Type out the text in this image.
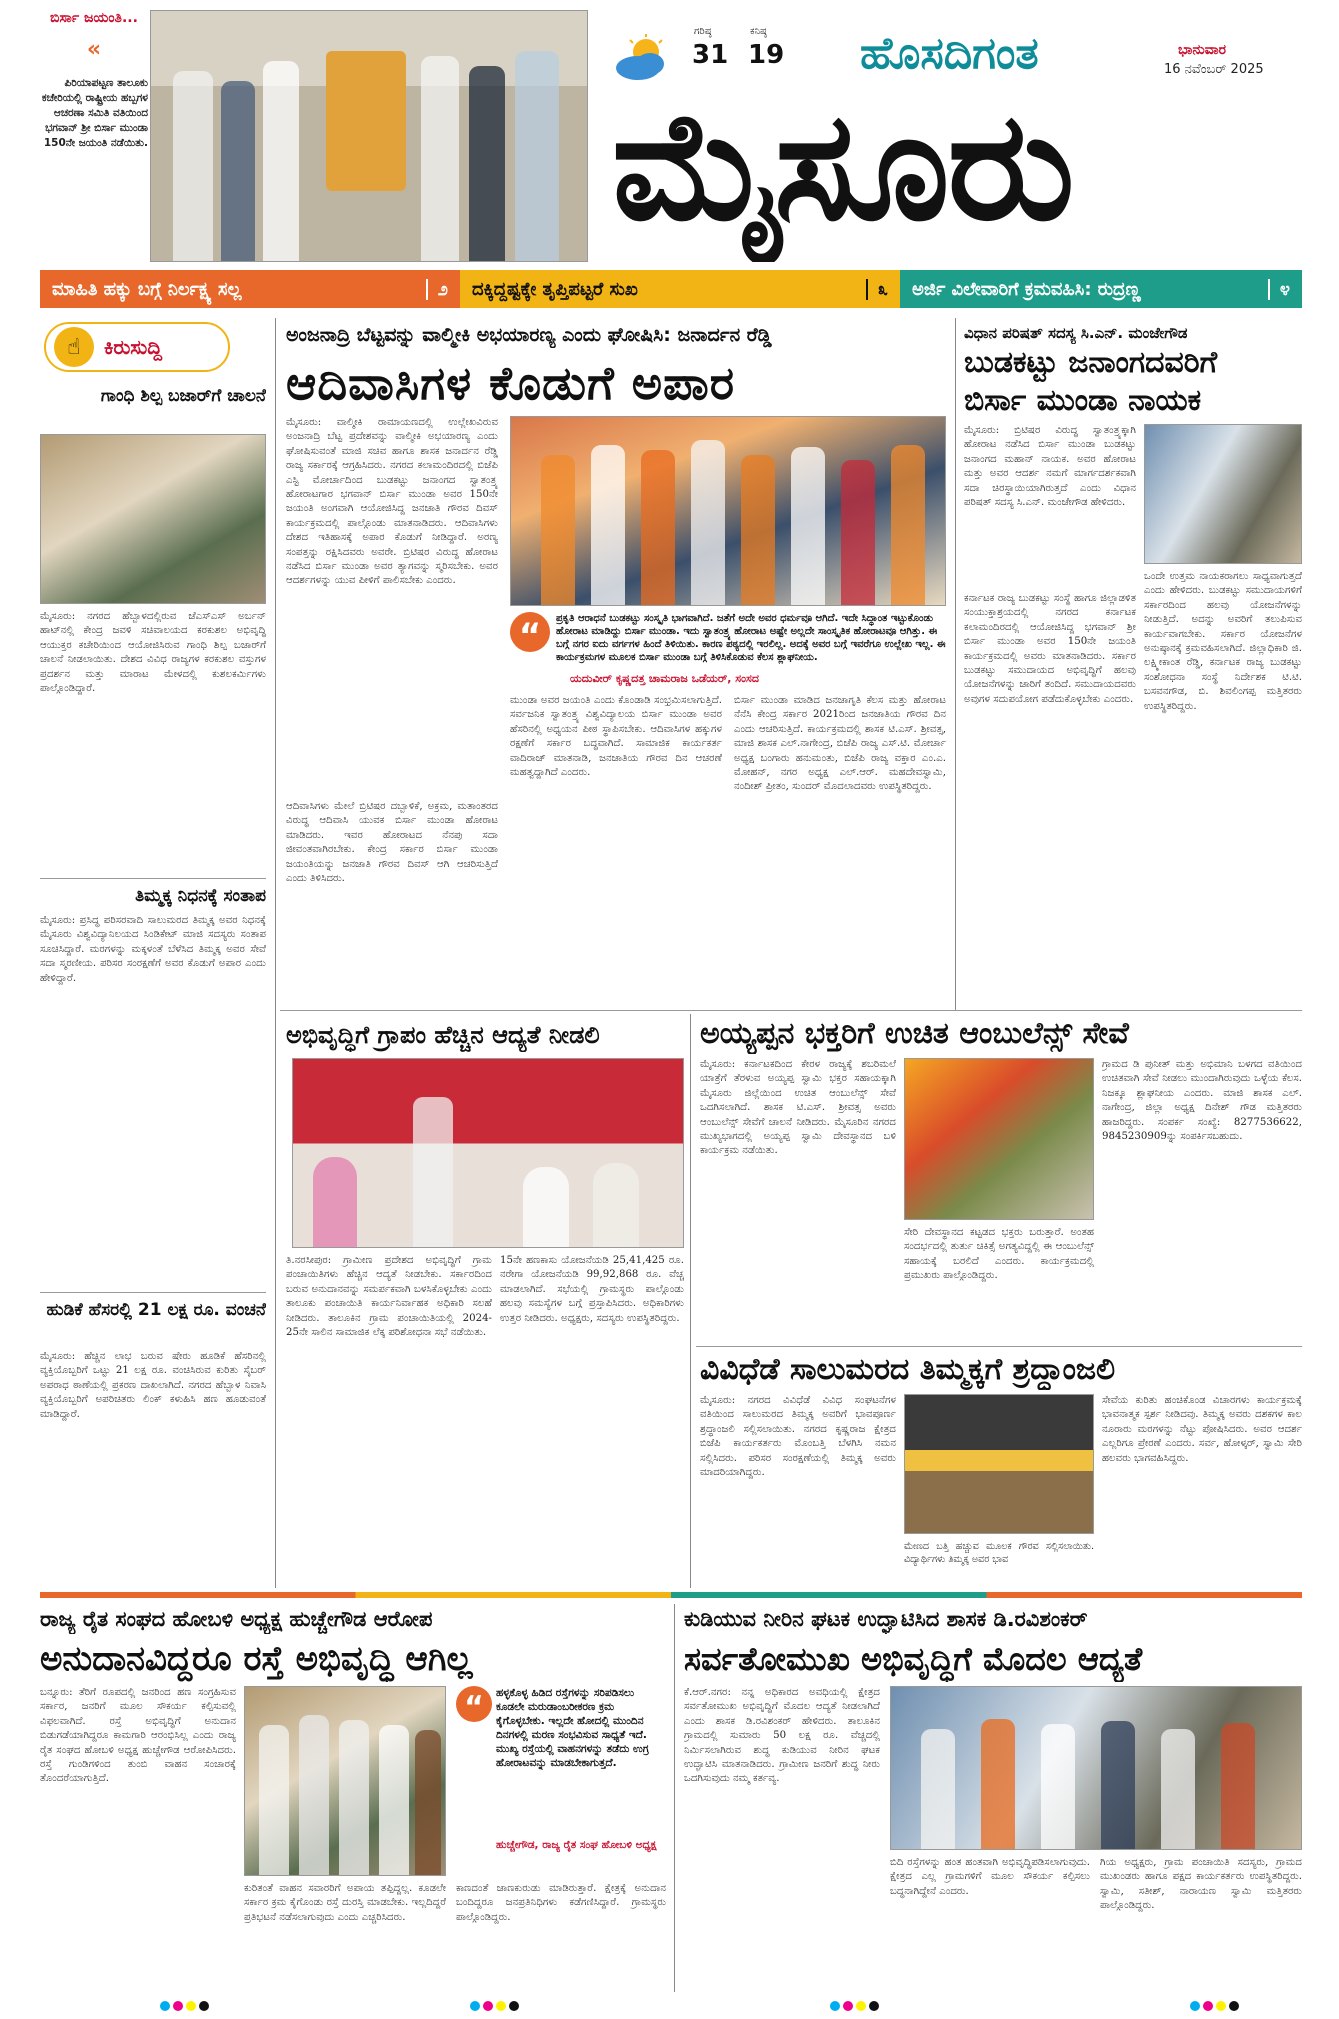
ಬಿರ್ಸಾ ಜಯಂತಿ...
«
ಪಿರಿಯಾಪಟ್ಟಣ ತಾಲೂಕು ಕಚೇರಿಯಲ್ಲಿ ರಾಷ್ಟ್ರೀಯ ಹಬ್ಬಗಳ ಆಚರಣಾ ಸಮಿತಿ ವತಿಯಿಂದ ಭಗವಾನ್ ಶ್ರೀ ಬಿರ್ಸಾ ಮುಂಡಾ 150ನೇ ಜಯಂತಿ ನಡೆಯಿತು.
ಗರಿಷ್ಠ
31
ಕನಿಷ್ಠ
19 ಹೊಸದಿಗಂತ	ಭಾನುವಾರ
16 ನವೆಂಬರ್ 2025
ಮೈಸೂರು
ಮಾಹಿತಿ ಹಕ್ಕು ಬಗ್ಗೆ ನಿರ್ಲಕ್ಷ್ಯ ಸಲ್ಲ	೨ ದಕ್ಕಿದ್ದಷ್ಟಕ್ಕೇ ತೃಪ್ತಿಪಟ್ಟರೆ ಸುಖ	೩ ಅರ್ಜಿ ವಿಲೇವಾರಿಗೆ ಕ್ರಮವಹಿಸಿ: ರುದ್ರಣ್ಣ	೪
☝	ಕಿರುಸುದ್ದಿ
ಗಾಂಧಿ ಶಿಲ್ಪ ಬಜಾರ್‌ಗೆ ಚಾಲನೆ
ಮೈಸೂರು: ನಗರದ ಹೆಬ್ಬಾಳದಲ್ಲಿರುವ ಜೆಎಸ್‌ಎಸ್ ಅರ್ಬನ್ ಹಾಟ್‌ನಲ್ಲಿ ಕೇಂದ್ರ ಜವಳಿ ಸಚಿವಾಲಯದ ಕರಕುಶಲ ಅಭಿವೃದ್ಧಿ ಆಯುಕ್ತರ ಕಚೇರಿಯಿಂದ ಆಯೋಜಿಸಿರುವ ಗಾಂಧಿ ಶಿಲ್ಪ ಬಜಾರ್‌ಗೆ ಚಾಲನೆ ನೀಡಲಾಯಿತು. ದೇಶದ ವಿವಿಧ ರಾಜ್ಯಗಳ ಕರಕುಶಲ ವಸ್ತುಗಳ ಪ್ರದರ್ಶನ ಮತ್ತು ಮಾರಾಟ ಮೇಳದಲ್ಲಿ ಕುಶಲಕರ್ಮಿಗಳು ಪಾಲ್ಗೊಂಡಿದ್ದಾರೆ.
ತಿಮ್ಮಕ್ಕ ನಿಧನಕ್ಕೆ ಸಂತಾಪ
ಮೈಸೂರು: ಪ್ರಸಿದ್ಧ ಪರಿಸರವಾದಿ ಸಾಲುಮರದ ತಿಮ್ಮಕ್ಕ ಅವರ ನಿಧನಕ್ಕೆ ಮೈಸೂರು ವಿಶ್ವವಿದ್ಯಾನಿಲಯದ ಸಿಂಡಿಕೇಟ್ ಮಾಜಿ ಸದಸ್ಯರು ಸಂತಾಪ ಸೂಚಿಸಿದ್ದಾರೆ. ಮರಗಳನ್ನು ಮಕ್ಕಳಂತೆ ಬೆಳೆಸಿದ ತಿಮ್ಮಕ್ಕ ಅವರ ಸೇವೆ ಸದಾ ಸ್ಮರಣೀಯ. ಪರಿಸರ ಸಂರಕ್ಷಣೆಗೆ ಅವರ ಕೊಡುಗೆ ಅಪಾರ ಎಂದು ಹೇಳಿದ್ದಾರೆ.
ಹುಡಿಕೆ ಹೆಸರಲ್ಲಿ 21 ಲಕ್ಷ ರೂ. ವಂಚನೆ
ಮೈಸೂರು: ಹೆಚ್ಚಿನ ಲಾಭ ಬರುವ ಷೇರು ಹೂಡಿಕೆ ಹೆಸರಿನಲ್ಲಿ ವ್ಯಕ್ತಿಯೊಬ್ಬರಿಗೆ ಒಟ್ಟು 21 ಲಕ್ಷ ರೂ. ವಂಚಿಸಿರುವ ಕುರಿತು ಸೈಬರ್ ಅಪರಾಧ ಠಾಣೆಯಲ್ಲಿ ಪ್ರಕರಣ ದಾಖಲಾಗಿದೆ. ನಗರದ ಹೆಬ್ಬಾಳ ನಿವಾಸಿ ವ್ಯಕ್ತಿಯೊಬ್ಬರಿಗೆ ಅಪರಿಚಿತರು ಲಿಂಕ್ ಕಳುಹಿಸಿ ಹಣ ಹೂಡುವಂತೆ ಮಾಡಿದ್ದಾರೆ.
ಅಂಜನಾದ್ರಿ ಬೆಟ್ಟವನ್ನು ವಾಲ್ಮೀಕಿ ಅಭಯಾರಣ್ಯ ಎಂದು ಘೋಷಿಸಿ: ಜನಾರ್ದನ ರೆಡ್ಡಿ
ಆದಿವಾಸಿಗಳ ಕೊಡುಗೆ ಅಪಾರ
ಮೈಸೂರು: ವಾಲ್ಮೀಕಿ ರಾಮಾಯಣದಲ್ಲಿ ಉಲ್ಲೇಖವಿರುವ ಅಂಜನಾದ್ರಿ ಬೆಟ್ಟ ಪ್ರದೇಶವನ್ನು ವಾಲ್ಮೀಕಿ ಅಭಯಾರಣ್ಯ ಎಂದು ಘೋಷಿಸುವಂತೆ ಮಾಜಿ ಸಚಿವ ಹಾಗೂ ಶಾಸಕ ಜನಾರ್ದನ ರೆಡ್ಡಿ ರಾಜ್ಯ ಸರ್ಕಾರಕ್ಕೆ ಆಗ್ರಹಿಸಿದರು. ನಗರದ ಕಲಾಮಂದಿರದಲ್ಲಿ ಬಿಜೆಪಿ ಎಸ್ಟಿ ಮೋರ್ಚಾದಿಂದ ಬುಡಕಟ್ಟು ಜನಾಂಗದ ಸ್ವಾತಂತ್ರ್ಯ ಹೋರಾಟಗಾರ ಭಗವಾನ್ ಬಿರ್ಸಾ ಮುಂಡಾ ಅವರ 150ನೇ ಜಯಂತಿ ಅಂಗವಾಗಿ ಆಯೋಜಿಸಿದ್ದ ಜನಜಾತಿ ಗೌರವ ದಿವಸ್ ಕಾರ್ಯಕ್ರಮದಲ್ಲಿ ಪಾಲ್ಗೊಂಡು ಮಾತನಾಡಿದರು. ಆದಿವಾಸಿಗಳು ದೇಶದ ಇತಿಹಾಸಕ್ಕೆ ಅಪಾರ ಕೊಡುಗೆ ನೀಡಿದ್ದಾರೆ. ಅರಣ್ಯ ಸಂಪತ್ತನ್ನು ರಕ್ಷಿಸಿದವರು ಅವರೇ. ಬ್ರಿಟಿಷರ ವಿರುದ್ಧ ಹೋರಾಟ ನಡೆಸಿದ ಬಿರ್ಸಾ ಮುಂಡಾ ಅವರ ತ್ಯಾಗವನ್ನು ಸ್ಮರಿಸಬೇಕು. ಅವರ ಆದರ್ಶಗಳನ್ನು ಯುವ ಪೀಳಿಗೆ ಪಾಲಿಸಬೇಕು ಎಂದರು.
“	ಪ್ರಕೃತಿ ಆರಾಧನೆ ಬುಡಕಟ್ಟು ಸಂಸ್ಕೃತಿ ಭಾಗವಾಗಿದೆ. ಜತೆಗೆ ಅದೇ ಅವರ ಧರ್ಮವೂ ಆಗಿದೆ. ಇದೇ ಸಿದ್ಧಾಂತ ಇಟ್ಟುಕೊಂಡು ಹೋರಾಟ ಮಾಡಿದ್ದು ಬಿರ್ಸಾ ಮುಂಡಾ. ಇದು ಸ್ವಾತಂತ್ರ್ಯ ಹೋರಾಟ ಅಷ್ಟೇ ಅಲ್ಲದೇ ಸಾಂಸ್ಕೃತಿಕ ಹೋರಾಟವೂ ಆಗಿತ್ತು. ಈ ಬಗ್ಗೆ ನಗರ ಐದು ವರ್ಗಗಳ ಹಿಂದೆ ತಿಳಿಯಿತು. ಕಾರಣ ಪಠ್ಯದಲ್ಲಿ ಇರಲಿಲ್ಲ. ಅದಕ್ಕೆ ಅವರ ಬಗ್ಗೆ ಇವರೆಗೂ ಉಲ್ಲೇಖ ಇಲ್ಲ. ಈ ಕಾರ್ಯಕ್ರಮಗಳ ಮೂಲಕ ಬಿರ್ಸಾ ಮುಂಡಾ ಬಗ್ಗೆ ತಿಳಿಸಿಕೊಡುವ ಕೆಲಸ ಶ್ಲಾಘನೀಯ.
ಯದುವೀರ್ ಕೃಷ್ಣದತ್ತ ಚಾಮರಾಜ ಒಡೆಯರ್, ಸಂಸದ
ಆದಿವಾಸಿಗಳು ಮೇಲೆ ಬ್ರಿಟಿಷರ ದಬ್ಬಾಳಿಕೆ, ಅಕ್ರಮ, ಮತಾಂತರದ ವಿರುದ್ಧ ಆದಿವಾಸಿ ಯುವಕ ಬಿರ್ಸಾ ಮುಂಡಾ ಹೋರಾಟ ಮಾಡಿದರು. ಇವರ ಹೋರಾಟದ ನೆನಪು ಸದಾ ಜೀವಂತವಾಗಿರಬೇಕು. ಕೇಂದ್ರ ಸರ್ಕಾರ ಬಿರ್ಸಾ ಮುಂಡಾ ಜಯಂತಿಯನ್ನು ಜನಜಾತಿ ಗೌರವ ದಿವಸ್ ಆಗಿ ಆಚರಿಸುತ್ತಿದೆ ಎಂದು ತಿಳಿಸಿದರು.
ಮುಂಡಾ ಅವರ ಜಯಂತಿ ಎಂದು ಕೊಂಡಾಡಿ ಸಂಭ್ರಮಿಸಲಾಗುತ್ತಿದೆ. ಸರ್ವಜನಿಕ ಸ್ವಾತಂತ್ರ್ಯ ವಿಶ್ವವಿದ್ಯಾಲಯ ಬಿರ್ಸಾ ಮುಂಡಾ ಅವರ ಹೆಸರಿನಲ್ಲಿ ಅಧ್ಯಯನ ಪೀಠ ಸ್ಥಾಪಿಸಬೇಕು. ಆದಿವಾಸಿಗಳ ಹಕ್ಕುಗಳ ರಕ್ಷಣೆಗೆ ಸರ್ಕಾರ ಬದ್ಧವಾಗಿದೆ. ಸಾಮಾಜಿಕ ಕಾರ್ಯಕರ್ತ ವಾದಿರಾಜ್ ಮಾತನಾಡಿ, ಜನಜಾತಿಯ ಗೌರವ ದಿನ ಆಚರಣೆ ಮಹತ್ವದ್ದಾಗಿದೆ ಎಂದರು.
ಬಿರ್ಸಾ ಮುಂಡಾ ಮಾಡಿದ ಜನಜಾಗೃತಿ ಕೆಲಸ ಮತ್ತು ಹೋರಾಟ ನೆನೆಸಿ ಕೇಂದ್ರ ಸರ್ಕಾರ 2021ರಿಂದ ಜನಜಾತಿಯ ಗೌರವ ದಿನ ಎಂದು ಆಚರಿಸುತ್ತಿದೆ. ಕಾರ್ಯಕ್ರಮದಲ್ಲಿ ಶಾಸಕ ಟಿ.ಎಸ್. ಶ್ರೀವತ್ಸ, ಮಾಜಿ ಶಾಸಕ ಎಲ್.ನಾಗೇಂದ್ರ, ಬಿಜೆಪಿ ರಾಜ್ಯ ಎಸ್.ಟಿ. ಮೋರ್ಚಾ ಅಧ್ಯಕ್ಷ ಬಂಗಾರು ಹನುಮಂತು, ಬಿಜೆಪಿ ರಾಜ್ಯ ವಕ್ತಾರ ಎಂ.ಎ. ಮೋಹನ್, ನಗರ ಅಧ್ಯಕ್ಷ ಎಲ್.ಆರ್. ಮಹದೇವಸ್ವಾಮಿ, ನಂದೀಶ್ ಪ್ರೀತಂ, ಸುಂದರ್ ಮೊದಲಾದವರು ಉಪಸ್ಥಿತರಿದ್ದರು.
ವಿಧಾನ ಪರಿಷತ್ ಸದಸ್ಯ ಸಿ.ಎನ್. ಮಂಜೇಗೌಡ
ಬುಡಕಟ್ಟು ಜನಾಂಗದವರಿಗೆ
ಬಿರ್ಸಾ ಮುಂಡಾ ನಾಯಕ
ಮೈಸೂರು: ಬ್ರಿಟಿಷರ ವಿರುದ್ಧ ಸ್ವಾತಂತ್ರ್ಯಕ್ಕಾಗಿ ಹೋರಾಟ ನಡೆಸಿದ ಬಿರ್ಸಾ ಮುಂಡಾ ಬುಡಕಟ್ಟು ಜನಾಂಗದ ಮಹಾನ್ ನಾಯಕ. ಅವರ ಹೋರಾಟ ಮತ್ತು ಅವರ ಆದರ್ಶ ನಮಗೆ ಮಾರ್ಗದರ್ಶಕವಾಗಿ ಸದಾ ಚಿರಸ್ಥಾಯಿಯಾಗಿರುತ್ತದೆ ಎಂದು ವಿಧಾನ ಪರಿಷತ್ ಸದಸ್ಯ ಸಿ.ಎನ್. ಮಂಜೇಗೌಡ ಹೇಳಿದರು.
ಕರ್ನಾಟಕ ರಾಜ್ಯ ಬುಡಕಟ್ಟು ಸಂಸ್ಥೆ ಹಾಗೂ ಜಿಲ್ಲಾಡಳಿತ ಸಂಯುಕ್ತಾಶ್ರಯದಲ್ಲಿ ನಗರದ ಕರ್ನಾಟಕ ಕಲಾಮಂದಿರದಲ್ಲಿ ಆಯೋಜಿಸಿದ್ದ ಭಗವಾನ್ ಶ್ರೀ ಬಿರ್ಸಾ ಮುಂಡಾ ಅವರ 150ನೇ ಜಯಂತಿ ಕಾರ್ಯಕ್ರಮದಲ್ಲಿ ಅವರು ಮಾತನಾಡಿದರು. ಸರ್ಕಾರ ಬುಡಕಟ್ಟು ಸಮುದಾಯದ ಅಭಿವೃದ್ಧಿಗೆ ಹಲವು ಯೋಜನೆಗಳನ್ನು ಜಾರಿಗೆ ತಂದಿದೆ. ಸಮುದಾಯದವರು ಅವುಗಳ ಸದುಪಯೋಗ ಪಡೆದುಕೊಳ್ಳಬೇಕು ಎಂದರು.
ಒಂದೇ ಉತ್ತಮ ನಾಯಕರಾಗಲು ಸಾಧ್ಯವಾಗುತ್ತದೆ ಎಂದು ಹೇಳಿದರು. ಬುಡಕಟ್ಟು ಸಮುದಾಯಗಳಿಗೆ ಸರ್ಕಾರದಿಂದ ಹಲವು ಯೋಜನೆಗಳನ್ನು ನೀಡುತ್ತಿದೆ. ಅದನ್ನು ಅವರಿಗೆ ತಲುಪಿಸುವ ಕಾರ್ಯವಾಗಬೇಕು. ಸರ್ಕಾರ ಯೋಜನೆಗಳ ಅನುಷ್ಠಾನಕ್ಕೆ ಕ್ರಮವಹಿಸಲಾಗಿದೆ. ಜಿಲ್ಲಾಧಿಕಾರಿ ಜಿ. ಲಕ್ಷ್ಮೀಕಾಂತ ರೆಡ್ಡಿ, ಕರ್ನಾಟಕ ರಾಜ್ಯ ಬುಡಕಟ್ಟು ಸಂಶೋಧನಾ ಸಂಸ್ಥೆ ನಿರ್ದೇಶಕ ಟಿ.ಟಿ. ಬಸವನಗೌಡ, ಬಿ. ಶಿವಲಿಂಗಪ್ಪ ಮತ್ತಿತರರು ಉಪಸ್ಥಿತರಿದ್ದರು.
ಅಭಿವೃದ್ಧಿಗೆ ಗ್ರಾಪಂ ಹೆಚ್ಚಿನ ಆದ್ಯತೆ ನೀಡಲಿ
ತಿ.ನರಸೀಪುರ: ಗ್ರಾಮೀಣ ಪ್ರದೇಶದ ಅಭಿವೃದ್ಧಿಗೆ ಗ್ರಾಮ ಪಂಚಾಯಿತಿಗಳು ಹೆಚ್ಚಿನ ಆದ್ಯತೆ ನೀಡಬೇಕು. ಸರ್ಕಾರದಿಂದ ಬರುವ ಅನುದಾನವನ್ನು ಸಮರ್ಪಕವಾಗಿ ಬಳಸಿಕೊಳ್ಳಬೇಕು ಎಂದು ತಾಲೂಕು ಪಂಚಾಯಿತಿ ಕಾರ್ಯನಿರ್ವಾಹಕ ಅಧಿಕಾರಿ ಸಲಹೆ ನೀಡಿದರು. ತಾಲೂಕಿನ ಗ್ರಾಮ ಪಂಚಾಯಿತಿಯಲ್ಲಿ 2024-25ನೇ ಸಾಲಿನ ಸಾಮಾಜಿಕ ಲೆಕ್ಕ ಪರಿಶೋಧನಾ ಸಭೆ ನಡೆಯಿತು.
15ನೇ ಹಣಕಾಸು ಯೋಜನೆಯಡಿ 25,41,425 ರೂ. ನರೇಗಾ ಯೋಜನೆಯಡಿ 99,92,868 ರೂ. ವೆಚ್ಚ ಮಾಡಲಾಗಿದೆ. ಸಭೆಯಲ್ಲಿ ಗ್ರಾಮಸ್ಥರು ಪಾಲ್ಗೊಂಡು ಹಲವು ಸಮಸ್ಯೆಗಳ ಬಗ್ಗೆ ಪ್ರಸ್ತಾಪಿಸಿದರು. ಅಧಿಕಾರಿಗಳು ಉತ್ತರ ನೀಡಿದರು. ಅಧ್ಯಕ್ಷರು, ಸದಸ್ಯರು ಉಪಸ್ಥಿತರಿದ್ದರು.
ಅಯ್ಯಪ್ಪನ ಭಕ್ತರಿಗೆ ಉಚಿತ ಆಂಬುಲೆನ್ಸ್ ಸೇವೆ
ಮೈಸೂರು: ಕರ್ನಾಟಕದಿಂದ ಕೇರಳ ರಾಜ್ಯಕ್ಕೆ ಶಬರಿಮಲೆ ಯಾತ್ರೆಗೆ ತೆರಳುವ ಅಯ್ಯಪ್ಪ ಸ್ವಾಮಿ ಭಕ್ತರ ಸಹಾಯಕ್ಕಾಗಿ ಮೈಸೂರು ಜಿಲ್ಲೆಯಿಂದ ಉಚಿತ ಆಂಬುಲೆನ್ಸ್ ಸೇವೆ ಒದಗಿಸಲಾಗಿದೆ. ಶಾಸಕ ಟಿ.ಎಸ್. ಶ್ರೀವತ್ಸ ಅವರು ಆಂಬುಲೆನ್ಸ್ ಸೇವೆಗೆ ಚಾಲನೆ ನೀಡಿದರು. ಮೈಸೂರಿನ ನಗರದ ಮುಖ್ಯಭಾಗದಲ್ಲಿ ಅಯ್ಯಪ್ಪ ಸ್ವಾಮಿ ದೇವಸ್ಥಾನದ ಬಳಿ ಕಾರ್ಯಕ್ರಮ ನಡೆಯಿತು.
ಸೇರಿ ದೇವಸ್ಥಾನದ ಕಟ್ಟಡದ ಭಕ್ತರು ಬರುತ್ತಾರೆ. ಅಂತಹ ಸಂದರ್ಭದಲ್ಲಿ ತುರ್ತು ಚಿಕಿತ್ಸೆ ಅಗತ್ಯವಿದ್ದಲ್ಲಿ ಈ ಆಂಬುಲೆನ್ಸ್ ಸಹಾಯಕ್ಕೆ ಬರಲಿದೆ ಎಂದರು. ಕಾರ್ಯಕ್ರಮದಲ್ಲಿ ಪ್ರಮುಖರು ಪಾಲ್ಗೊಂಡಿದ್ದರು.
ಗ್ರಾಮದ ಡಿ ಪುನೀತ್ ಮತ್ತು ಅಭಿಮಾನಿ ಬಳಗದ ವತಿಯಿಂದ ಉಚಿತವಾಗಿ ಸೇವೆ ನೀಡಲು ಮುಂದಾಗಿರುವುದು ಒಳ್ಳೆಯ ಕೆಲಸ. ನಿಜಕ್ಕೂ ಶ್ಲಾಘನೀಯ ಎಂದರು. ಮಾಜಿ ಶಾಸಕ ಎಲ್. ನಾಗೇಂದ್ರ, ಜಿಲ್ಲಾ ಅಧ್ಯಕ್ಷ ದಿನೇಶ್ ಗೌಡ ಮತ್ತಿತರರು ಹಾಜರಿದ್ದರು. ಸಂಪರ್ಕ ಸಂಖ್ಯೆ: 8277536622, 9845230909ನ್ನು ಸಂಪರ್ಕಿಸಬಹುದು.
ವಿವಿಧೆಡೆ ಸಾಲುಮರದ ತಿಮ್ಮಕ್ಕಗೆ ಶ್ರದ್ಧಾಂಜಲಿ
ಮೈಸೂರು: ನಗರದ ವಿವಿಧೆಡೆ ವಿವಿಧ ಸಂಘಟನೆಗಳ ವತಿಯಿಂದ ಸಾಲುಮರದ ತಿಮ್ಮಕ್ಕ ಅವರಿಗೆ ಭಾವಪೂರ್ಣ ಶ್ರದ್ಧಾಂಜಲಿ ಸಲ್ಲಿಸಲಾಯಿತು. ನಗರದ ಕೃಷ್ಣರಾಜ ಕ್ಷೇತ್ರದ ಬಿಜೆಪಿ ಕಾರ್ಯಕರ್ತರು ಮೊಂಬತ್ತಿ ಬೆಳಗಿಸಿ ನಮನ ಸಲ್ಲಿಸಿದರು. ಪರಿಸರ ಸಂರಕ್ಷಣೆಯಲ್ಲಿ ತಿಮ್ಮಕ್ಕ ಅವರು ಮಾದರಿಯಾಗಿದ್ದರು.
ಮೇಣದ ಬತ್ತಿ ಹಚ್ಚುವ ಮೂಲಕ ಗೌರವ ಸಲ್ಲಿಸಲಾಯಿತು. ವಿದ್ಯಾರ್ಥಿಗಳು ತಿಮ್ಮಕ್ಕ ಅವರ ಭಾವ
ಸೇವೆಯ ಕುರಿತು ಹಂಚಿಕೊಂಡ ವಿಚಾರಗಳು ಕಾರ್ಯಕ್ರಮಕ್ಕೆ ಭಾವನಾತ್ಮಕ ಸ್ಪರ್ಶ ನೀಡಿದವು. ತಿಮ್ಮಕ್ಕ ಅವರು ದಶಕಗಳ ಕಾಲ ನೂರಾರು ಮರಗಳನ್ನು ನೆಟ್ಟು ಪೋಷಿಸಿದರು. ಅವರ ಆದರ್ಶ ಎಲ್ಲರಿಗೂ ಪ್ರೇರಣೆ ಎಂದರು. ಸರ್ವ, ಹೋಳ್ಕರ್, ಸ್ವಾಮಿ ಸೇರಿ ಹಲವರು ಭಾಗವಹಿಸಿದ್ದರು.
ರಾಜ್ಯ ರೈತ ಸಂಘದ ಹೋಬಳಿ ಅಧ್ಯಕ್ಷ ಹುಚ್ಚೇಗೌಡ ಆರೋಪ
ಅನುದಾನವಿದ್ದರೂ ರಸ್ತೆ ಅಭಿವೃದ್ಧಿ ಆಗಿಲ್ಲ
ಬನ್ನೂರು: ತೆರಿಗೆ ರೂಪದಲ್ಲಿ ಜನರಿಂದ ಹಣ ಸಂಗ್ರಹಿಸುವ ಸರ್ಕಾರ, ಜನರಿಗೆ ಮೂಲ ಸೌಕರ್ಯ ಕಲ್ಪಿಸುವಲ್ಲಿ ವಿಫಲವಾಗಿದೆ. ರಸ್ತೆ ಅಭಿವೃದ್ಧಿಗೆ ಅನುದಾನ ಬಿಡುಗಡೆಯಾಗಿದ್ದರೂ ಕಾಮಗಾರಿ ಆರಂಭಿಸಿಲ್ಲ ಎಂದು ರಾಜ್ಯ ರೈತ ಸಂಘದ ಹೋಬಳಿ ಅಧ್ಯಕ್ಷ ಹುಚ್ಚೇಗೌಡ ಆರೋಪಿಸಿದರು. ರಸ್ತೆ ಗುಂಡಿಗಳಿಂದ ತುಂಬಿ ವಾಹನ ಸಂಚಾರಕ್ಕೆ ತೊಂದರೆಯಾಗುತ್ತಿದೆ.
ಕುರಿತಂತೆ ವಾಹನ ಸವಾರರಿಗೆ ಅಪಾಯ ತಪ್ಪಿದ್ದಲ್ಲ. ಕೂಡಲೇ ಸರ್ಕಾರ ಕ್ರಮ ಕೈಗೊಂಡು ರಸ್ತೆ ದುರಸ್ತಿ ಮಾಡಬೇಕು. ಇಲ್ಲದಿದ್ದರೆ ಪ್ರತಿಭಟನೆ ನಡೆಸಲಾಗುವುದು ಎಂದು ಎಚ್ಚರಿಸಿದರು.
“	ಹಳ್ಳಕೊಳ್ಳ ಹಿಡಿದ ರಸ್ತೆಗಳನ್ನು ಸರಿಪಡಿಸಲು ಕೂಡಲೇ ಮರುಡಾಂಬರೀಕರಣ ಕ್ರಮ ಕೈಗೊಳ್ಳಬೇಕು. ಇಲ್ಲದೇ ಹೋದಲ್ಲಿ ಮುಂದಿನ ದಿನಗಳಲ್ಲಿ ಮರಣ ಸಂಭವಿಸುವ ಸಾಧ್ಯತೆ ಇದೆ. ಮುಖ್ಯ ರಸ್ತೆಯಲ್ಲಿ ವಾಹನಗಳನ್ನು ತಡೆದು ಉಗ್ರ ಹೋರಾಟವನ್ನು ಮಾಡಬೇಕಾಗುತ್ತದೆ.
ಹುಚ್ಚೇಗೌಡ, ರಾಜ್ಯ ರೈತ ಸಂಘ ಹೋಬಳಿ ಅಧ್ಯಕ್ಷ
ಕಾಣದಂತೆ ಜಾಣಕುರುಡು ಮಾಡಿರುತ್ತಾರೆ. ಕ್ಷೇತ್ರಕ್ಕೆ ಅನುದಾನ ಬಂದಿದ್ದರೂ ಜನಪ್ರತಿನಿಧಿಗಳು ಕಡೆಗಣಿಸಿದ್ದಾರೆ. ಗ್ರಾಮಸ್ಥರು ಪಾಲ್ಗೊಂಡಿದ್ದರು.
ಕುಡಿಯುವ ನೀರಿನ ಘಟಕ ಉದ್ಘಾಟಿಸಿದ ಶಾಸಕ ಡಿ.ರವಿಶಂಕರ್
ಸರ್ವತೋಮುಖ ಅಭಿವೃದ್ಧಿಗೆ ಮೊದಲ ಆದ್ಯತೆ
ಕೆ.ಆರ್.ನಗರ: ನನ್ನ ಅಧಿಕಾರದ ಅವಧಿಯಲ್ಲಿ ಕ್ಷೇತ್ರದ ಸರ್ವತೋಮುಖ ಅಭಿವೃದ್ಧಿಗೆ ಮೊದಲ ಆದ್ಯತೆ ನೀಡಲಾಗಿದೆ ಎಂದು ಶಾಸಕ ಡಿ.ರವಿಶಂಕರ್ ಹೇಳಿದರು. ತಾಲೂಕಿನ ಗ್ರಾಮದಲ್ಲಿ ಸುಮಾರು 50 ಲಕ್ಷ ರೂ. ವೆಚ್ಚದಲ್ಲಿ ನಿರ್ಮಿಸಲಾಗಿರುವ ಶುದ್ಧ ಕುಡಿಯುವ ನೀರಿನ ಘಟಕ ಉದ್ಘಾಟಿಸಿ ಮಾತನಾಡಿದರು. ಗ್ರಾಮೀಣ ಜನರಿಗೆ ಶುದ್ಧ ನೀರು ಒದಗಿಸುವುದು ನಮ್ಮ ಕರ್ತವ್ಯ.
ಬಿದಿ ರಸ್ತೆಗಳನ್ನು ಹಂತ ಹಂತವಾಗಿ ಅಭಿವೃದ್ಧಿಪಡಿಸಲಾಗುವುದು. ಕ್ಷೇತ್ರದ ಎಲ್ಲ ಗ್ರಾಮಗಳಿಗೆ ಮೂಲ ಸೌಕರ್ಯ ಕಲ್ಪಿಸಲು ಬದ್ಧನಾಗಿದ್ದೇನೆ ಎಂದರು.
ಗಿಯ ಅಧ್ಯಕ್ಷರು, ಗ್ರಾಮ ಪಂಚಾಯಿತಿ ಸದಸ್ಯರು, ಗ್ರಾಮದ ಮುಖಂಡರು ಹಾಗೂ ಪಕ್ಷದ ಕಾರ್ಯಕರ್ತರು ಉಪಸ್ಥಿತರಿದ್ದರು. ಸ್ವಾಮಿ, ಸತೀಶ್, ನಾರಾಯಣ ಸ್ವಾಮಿ ಮತ್ತಿತರರು ಪಾಲ್ಗೊಂಡಿದ್ದರು.
